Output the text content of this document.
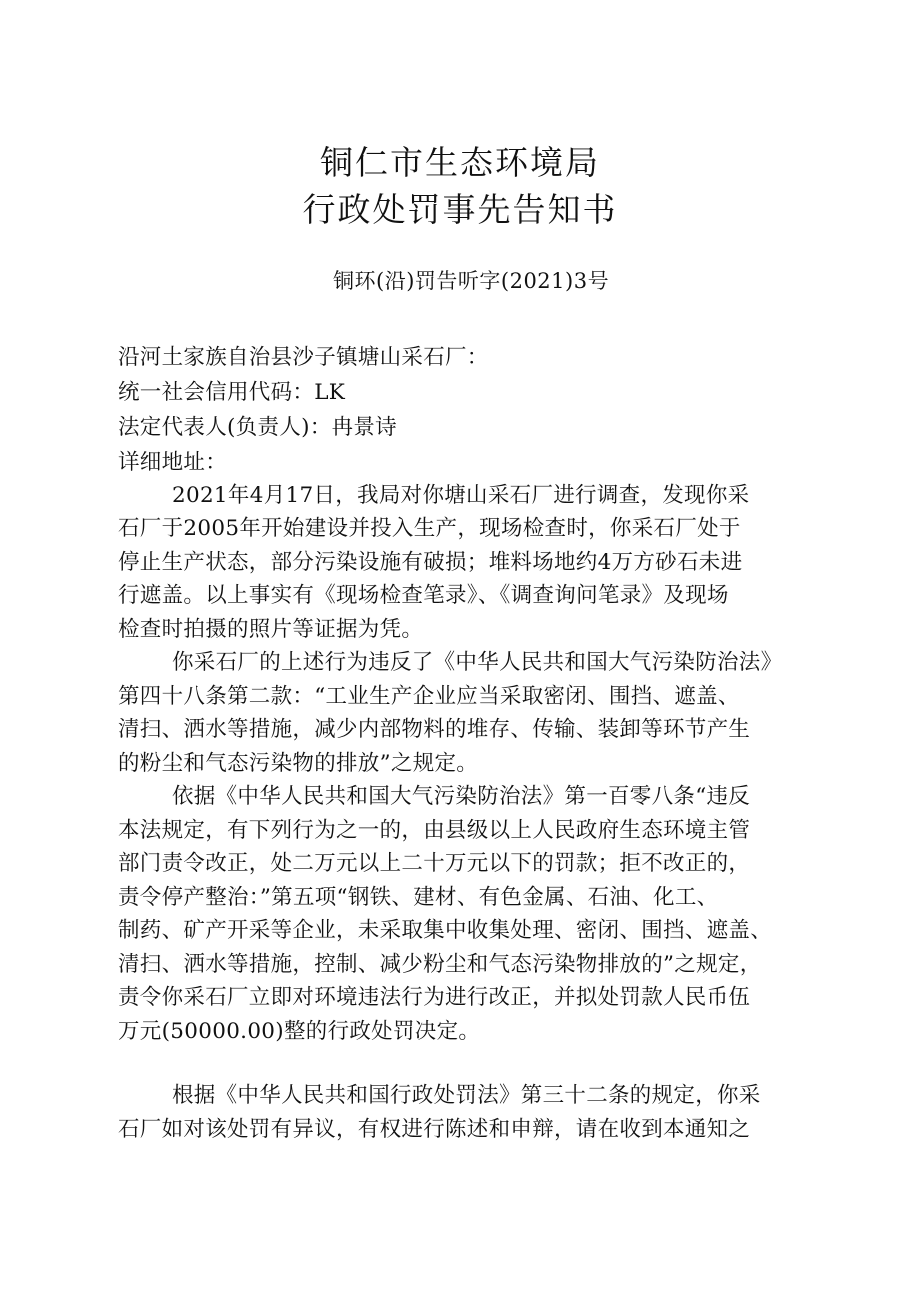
铜仁市生态环境局
行政处罚事先告知书
铜环(沿)罚告听字(2021)3号
沿河土家族自治县沙子镇塘山采石厂：
统一社会信用代码：LK
法定代表人(负责人)：冉景诗
详细地址：
2021年4月17日，我局对你塘山采石厂进行调查，发现你采
石厂于2005年开始建设并投入生产，现场检查时，你采石厂处于
停止生产状态，部分污染设施有破损；堆料场地约4万方砂石未进
行遮盖。以上事实有《现场检查笔录》、《调查询问笔录》及现场
检查时拍摄的照片等证据为凭。
你采石厂的上述行为违反了《中华人民共和国大气污染防治法》
第四十八条第二款：“工业生产企业应当采取密闭、围挡、遮盖、
清扫、洒水等措施，减少内部物料的堆存、传输、装卸等环节产生
的粉尘和气态污染物的排放”之规定。
依据《中华人民共和国大气污染防治法》第一百零八条“违反
本法规定，有下列行为之一的，由县级以上人民政府生态环境主管
部门责令改正，处二万元以上二十万元以下的罚款；拒不改正的，
责令停产整治：”第五项“钢铁、建材、有色金属、石油、化工、
制药、矿产开采等企业，未采取集中收集处理、密闭、围挡、遮盖、
清扫、洒水等措施，控制、减少粉尘和气态污染物排放的”之规定，
责令你采石厂立即对环境违法行为进行改正，并拟处罚款人民币伍
万元(50000.00)整的行政处罚决定。
根据《中华人民共和国行政处罚法》第三十二条的规定，你采
石厂如对该处罚有异议，有权进行陈述和申辩，请在收到本通知之
